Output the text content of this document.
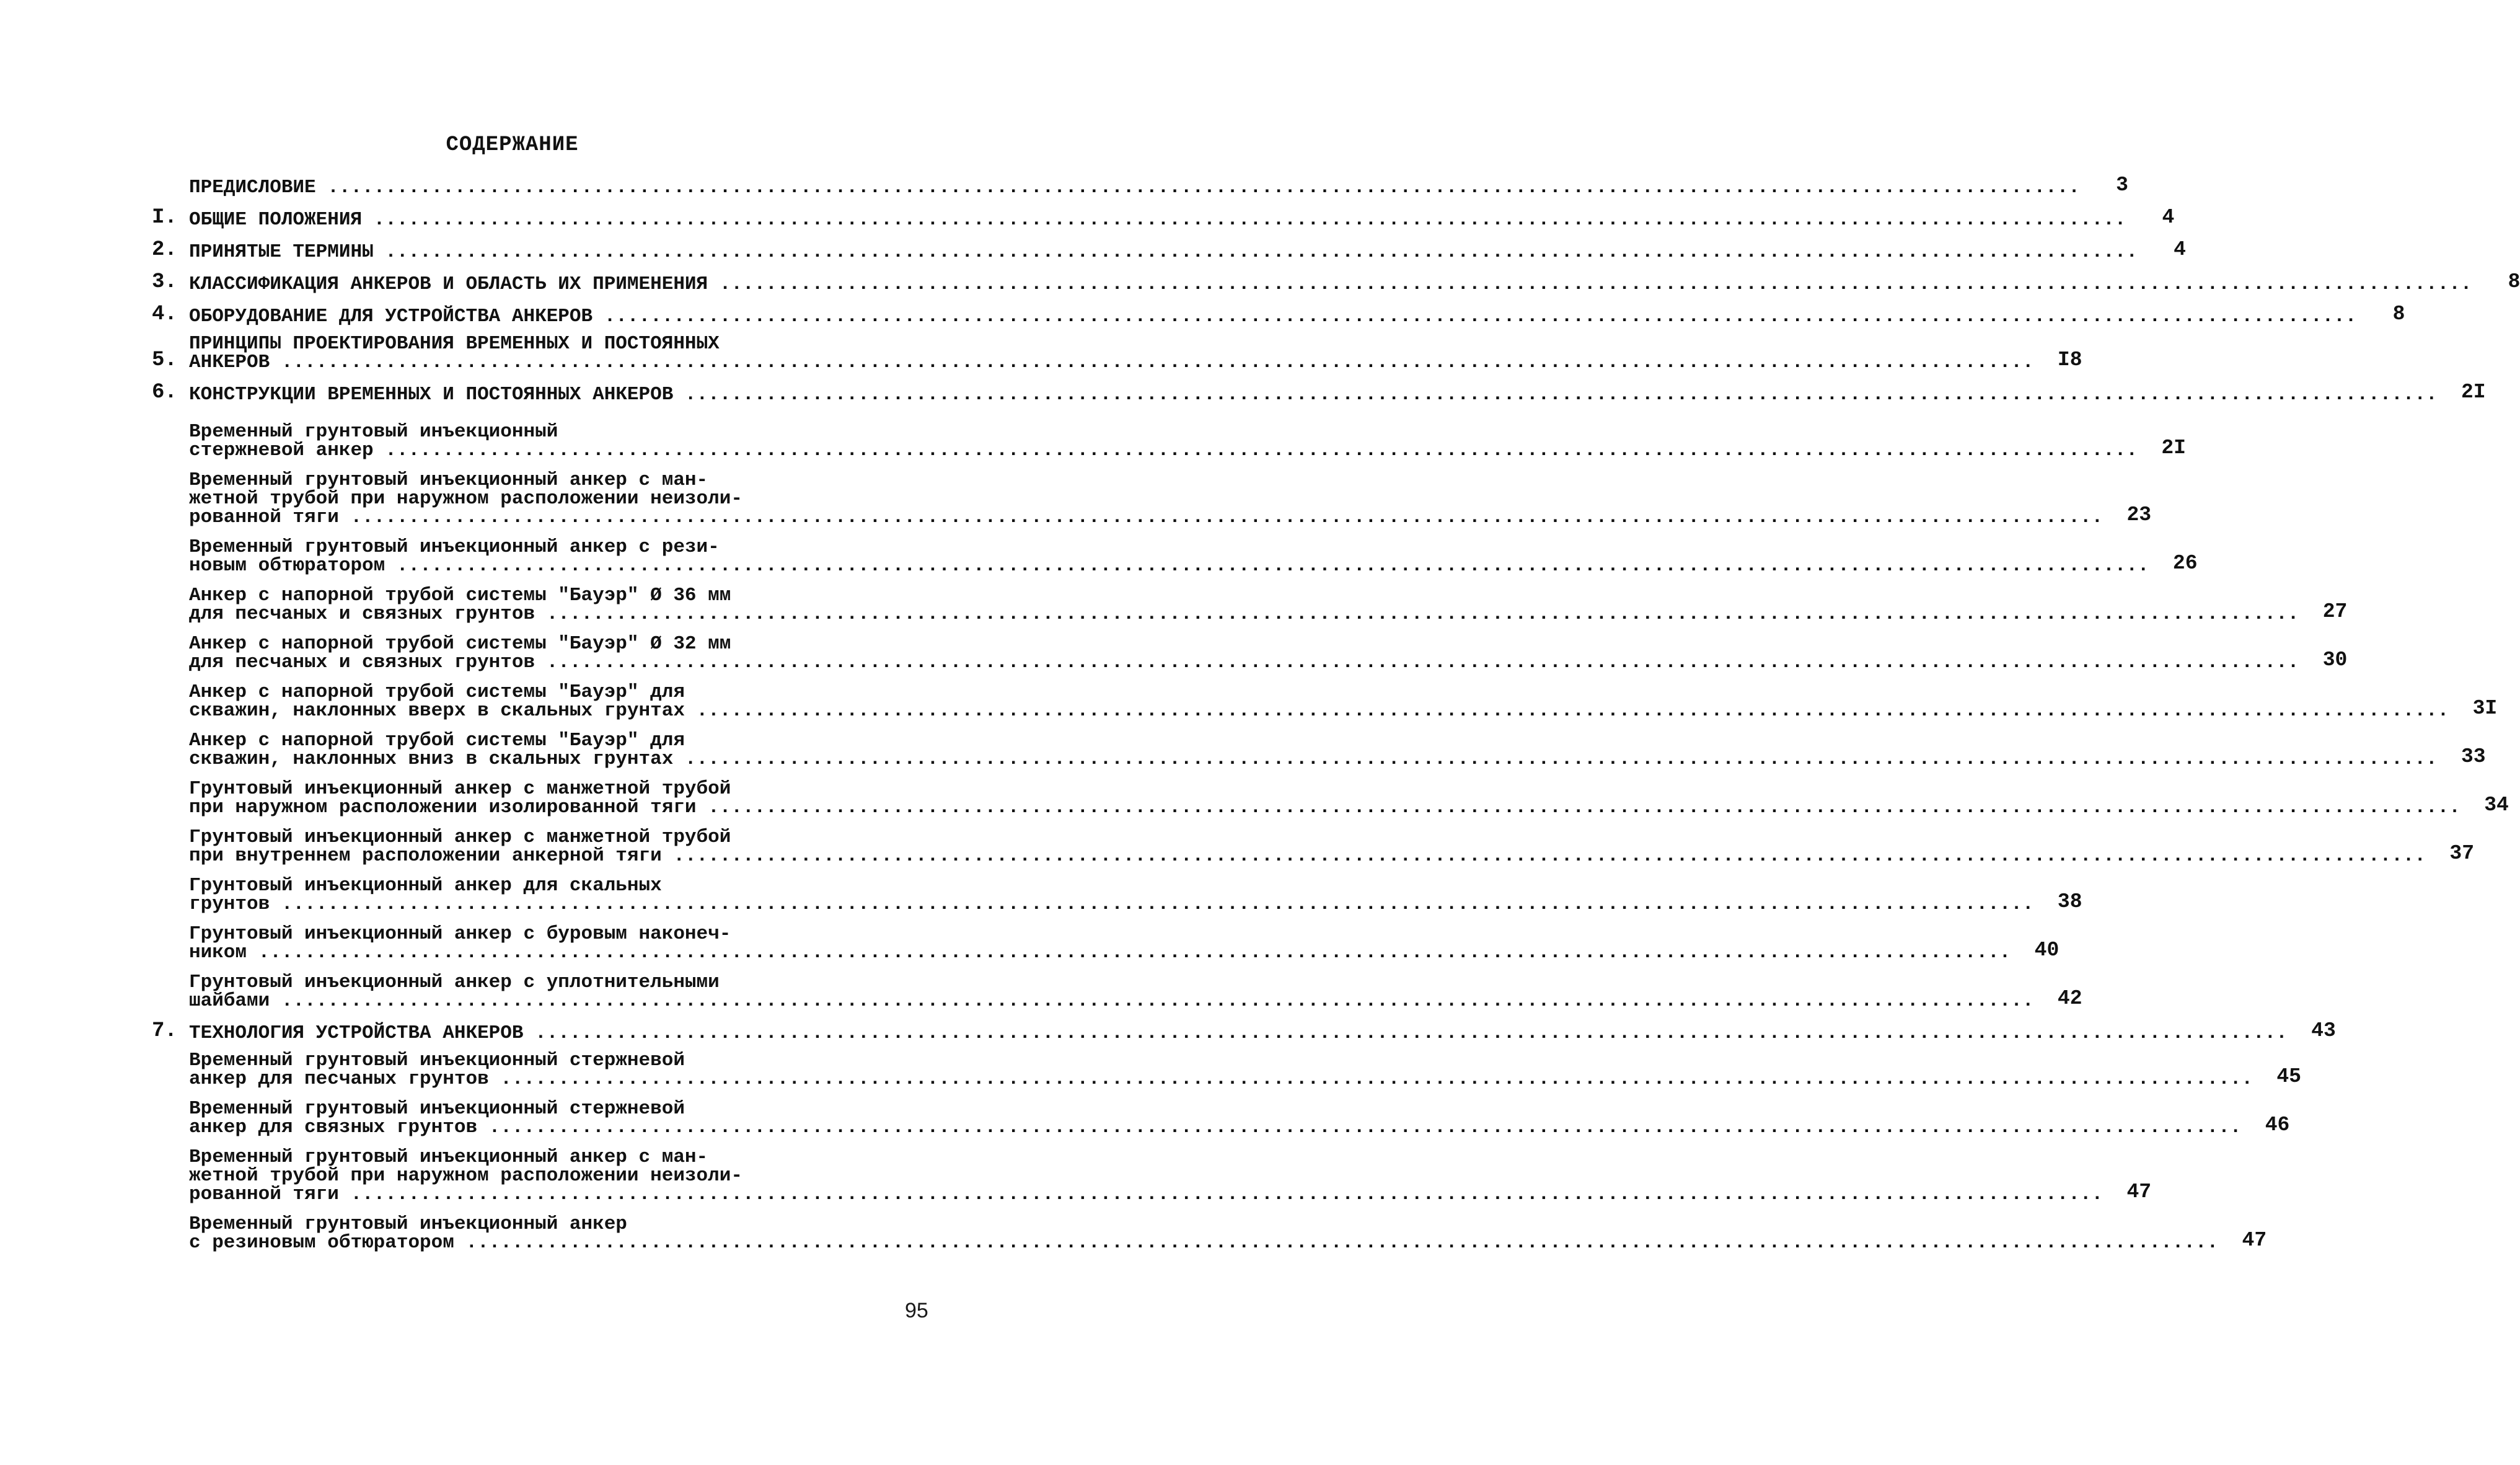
СОДЕРЖАНИЕ
ПРЕДИСЛОВИЕ .....	3
I. ОБЩИЕ ПОЛОЖЕНИЯ .....	4
2. ПРИНЯТЫЕ ТЕРМИНЫ .....	4
3. КЛАССИФИКАЦИЯ АНКЕРОВ И ОБЛАСТЬ ИХ ПРИМЕНЕНИЯ .....	8
4. ОБОРУДОВАНИЕ ДЛЯ УСТРОЙСТВА АНКЕРОВ .....	8
5.
ПРИНЦИПЫ ПРОЕКТИРОВАНИЯ ВРЕМЕННЫХ И ПОСТОЯННЫХ
АНКЕРОВ .....	I8
6. КОНСТРУКЦИИ ВРЕМЕННЫХ И ПОСТОЯННЫХ АНКЕРОВ .....	2I
Временный грунтовый инъекционный
стержневой анкер .....	2I
Временный грунтовый инъекционный анкер с ман-
жетной трубой при наружном расположении неизоли-
рованной тяги .....	23
Временный грунтовый инъекционный анкер с рези-
новым обтюратором .....	26
Анкер с напорной трубой системы "Бауэр" Ø 36 мм
для песчаных и связных грунтов .....	27
Анкер с напорной трубой системы "Бауэр" Ø 32 мм
для песчаных и связных грунтов .....	30
Анкер с напорной трубой системы "Бауэр" для
скважин, наклонных вверх в скальных грунтах .....	3I
Анкер с напорной трубой системы "Бауэр" для
скважин, наклонных вниз в скальных грунтах .....	33
Грунтовый инъекционный анкер с манжетной трубой
при наружном расположении изолированной тяги .....	34
Грунтовый инъекционный анкер с манжетной трубой
при внутреннем расположении анкерной тяги .....	37
Грунтовый инъекционный анкер для скальных
грунтов .....	38
Грунтовый инъекционный анкер с буровым наконеч-
ником .....	40
Грунтовый инъекционный анкер с уплотнительными
шайбами .....	42
7. ТЕХНОЛОГИЯ УСТРОЙСТВА АНКЕРОВ .....	43
Временный грунтовый инъекционный стержневой
анкер для песчаных грунтов .....	45
Временный грунтовый инъекционный стержневой
анкер для связных грунтов .....	46
Временный грунтовый инъекционный анкер с ман-
жетной трубой при наружном расположении неизоли-
рованной тяги .....	47
Временный грунтовый инъекционный анкер
с резиновым обтюратором .....	47
95
